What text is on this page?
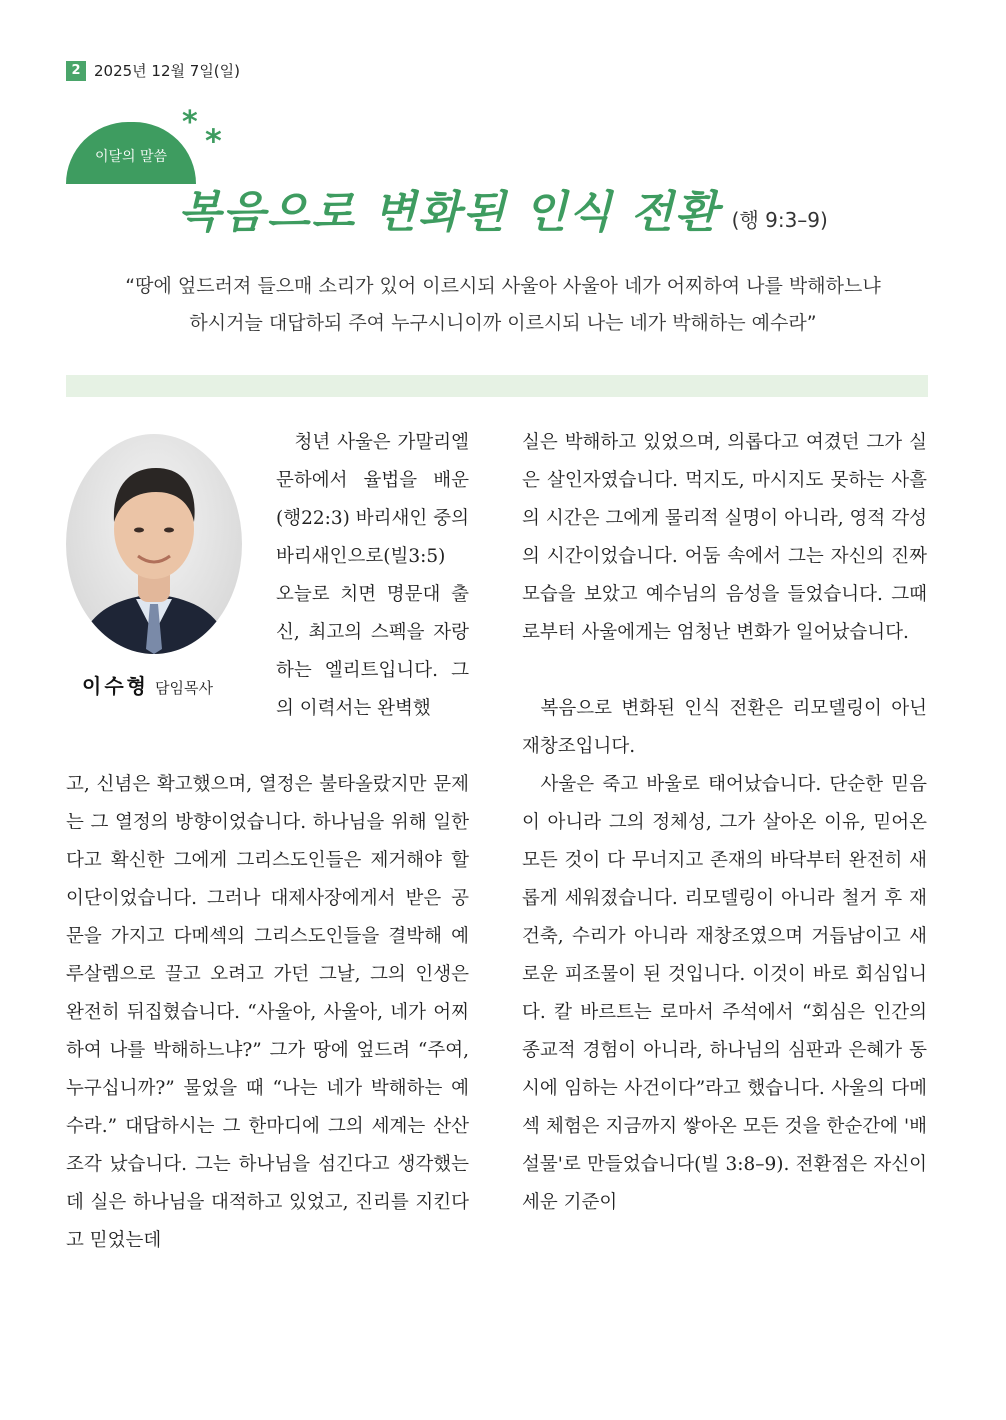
2 2025년 12월 7일(일)
이달의 말씀
* *
복음으로 변화된 인식 전환 (행 9:3–9)
“땅에 엎드러져 들으매 소리가 있어 이르시되 사울아 사울아 네가 어찌하여 나를 박해하느냐
하시거늘 대답하되 주여 누구시니이까 이르시되 나는 네가 박해하는 예수라”
이수형 담임목사

청년 사울은 가말리엘 문하에서 율법을 배운(행22:3) 바리새인 중의 바리새인으로(빌3:5) 오늘로 치면 명문대 출신, 최고의 스펙을 자랑하는 엘리트입니다. 그의 이력서는 완벽했

고, 신념은 확고했으며, 열정은 불타올랐지만 문제는 그 열정의 방향이었습니다. 하나님을 위해 일한다고 확신한 그에게 그리스도인들은 제거해야 할 이단이었습니다. 그러나 대제사장에게서 받은 공문을 가지고 다메섹의 그리스도인들을 결박해 예루살렘으로 끌고 오려고 가던 그날, 그의 인생은 완전히 뒤집혔습니다. “사울아, 사울아, 네가 어찌하여 나를 박해하느냐?” 그가 땅에 엎드려 “주여, 누구십니까?” 물었을 때 “나는 네가 박해하는 예수라.” 대답하시는 그 한마디에 그의 세계는 산산조각 났습니다. 그는 하나님을 섬긴다고 생각했는데 실은 하나님을 대적하고 있었고, 진리를 지킨다고 믿었는데

실은 박해하고 있었으며, 의롭다고 여겼던 그가 실은 살인자였습니다. 먹지도, 마시지도 못하는 사흘의 시간은 그에게 물리적 실명이 아니라, 영적 각성의 시간이었습니다. 어둠 속에서 그는 자신의 진짜 모습을 보았고 예수님의 음성을 들었습니다. 그때로부터 사울에게는 엄청난 변화가 일어났습니다.

복음으로 변화된 인식 전환은 리모델링이 아닌 재창조입니다.

사울은 죽고 바울로 태어났습니다. 단순한 믿음이 아니라 그의 정체성, 그가 살아온 이유, 믿어온 모든 것이 다 무너지고 존재의 바닥부터 완전히 새롭게 세워졌습니다. 리모델링이 아니라 철거 후 재건축, 수리가 아니라 재창조였으며 거듭남이고 새로운 피조물이 된 것입니다. 이것이 바로 회심입니다. 칼 바르트는 로마서 주석에서 “회심은 인간의 종교적 경험이 아니라, 하나님의 심판과 은혜가 동시에 임하는 사건이다”라고 했습니다. 사울의 다메섹 체험은 지금까지 쌓아온 모든 것을 한순간에 '배설물'로 만들었습니다(빌 3:8–9). 전환점은 자신이 세운 기준이
